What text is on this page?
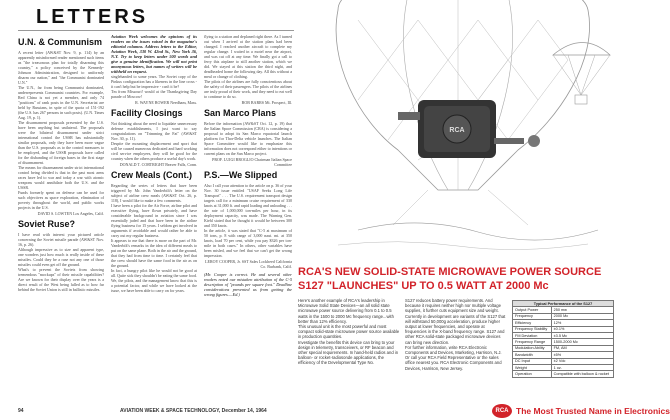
LETTERS
U.N. & Communism
A recent letter (AW&ST Nov. 9, p. 114) by an apparently misinformed reader mentioned such items as "the treasonous plan for totally disarming this country," a policy conceived by the Kennedy-Johnson Administration, designed to uniformly disarm our nation," and "the Communist dominated U.N."
The U.N., far from being Communist dominated, underrepresents Communist countries. For example, Red China is not yet a member, and only 74 "positions" of rank posts in the U.N. Secretariat are held by Russians, in spite of the quota of 151-192 (the U.S. has 267 persons in such posts). (U.N. Times Aug. 19, p. 1).
The disarmament proposals presented by the U.S. have been anything but unilateral. The proposals were the bilateral disarmament under strict international control the USSR has substantially similar proposals, only they have been more vague than the U.S. proposals as to the control measures to be employed, and the USSR proposals have called for the disbanding of foreign bases in the first stage of disarmament.
The means for disarmament under strict international control being divided is that in the past most arms races have led to war and today a war with atomic weapons would annihilate both the U.S. and the USSR.
Funds formerly spent on defense can be used for such objectives as space exploration, elimination of poverty throughout the world, and public works projects in the U.S.
DAVID S. LOWTEN Los Angeles, Calif.
Soviet Ruse?
I have read with interest your pictured article concerning the Soviet missile parade (AW&ST Nov. 16, p. 26).
Although impressive as to size and apparent type, one wonders just how much is really inside of these missiles. Could they be a ruse not any one of those missiles could even get off the ground.
What's to prevent the Soviets from showing tremendous "mockups" of their missile capabilities? Are we known for their display over the years is a direct result of the West being lulled as to how far behind the Soviet Union is still in ballistic missiles.
Aviation Week welcomes the opinions of its readers on the issues raised in the magazine's editorial columns. Address letters to the Editor, Aviation Week, 330 W. 42nd St., New York 36, N.Y. Try to keep letters under 500 words and give a genuine identification. We will not print anonymous letters, but names of writers will be withheld on request.
singlehanded to some years. The Soviet copy of the Pinkus configuration has a likeness in the line cross - it can't help but be impressive - can't it be?
Tm from Missouri! would at the Thanksgiving Day parade of Moscow!
R. WAYNE BOWER Needham, Mass.
Facility Closings
Not thinking about the need to liquidate unnecessary defense establishments, I just want to say congratulations on "Trimming the Fat" (AW&ST Nov. 30, p. 11).
Despite the mounting displacement and sport that will be caused numerous dedicated and hard working civil service employees, they will be good for the country when the others produce a useful day's work.
DONALD T. CORTRIGHT Beaver Falls, Conn.
Crew Meals (Cont.)
Regarding the series of letters that have been triggered by Mr. John Vanderbilt's letter on the subject of airline crew meals (AW&ST Oct. 26, p. 118), I would like to make a few comments.
I have been a pilot for the Air Force, airline pilot and executive flying, have flown privately, and have considerable background in aviation since I was essentially jaded and that have been in the airline flying business for 15 years. I seldom get involved in arguments if avoidable and would rather be able to carry out my regular business.
It appears to me that there is more on the part of Mr. Vanderbilt's remarks in the idea of different meals to put on the same plane. Both in the air and the ground, that they had from time to time. I certainly feel that the crew should have the same food in the air as on the ground.
In fact, a hungry pilot like he would not be good at all. Quite sick they shouldn't be eating the same food. We, the pilots, and the management know that this is a potential factor, and while we have looked at the issue, we have been able to carry on for years.
flying to a station and deplaned right there. As I turned out when I arrived at the station plans had been changed. I reached another aircraft to complete my regular change. I waited in a motel near the airport, and was cut off at any time. We finally got a call to ferry this airplane to still another station, which we did. We stayed at this station the third night, and deadheaded home the following day. All this without a meal or change of clothing.
The pilots of the airlines are fully conscientious about the safety of their passengers. The pilots of the airlines are truly proud of their work, and they need to eat well to continue to do so.
BOB BARRS Mt. Prospect, Ill.
San Marco Plans
Before the information (AW&ST Oct. 12, p. 19) that the Italian Space Commission (CRA) is considering a proposal to adopt its San Marco equatorial launch platform for Thor-Delta vehicle launches. The Italian Space Committee would like to emphasize this information does not correspond either to intentions or current plans on the San Marco project.
PROF. LUIGI BROGLIO Chairman Italian Space Committee
P.S.—We Slipped
Also I call your attention to the article on p. 36 of your Nov. 30 issue entitled "USAF Seeks Long Life Transport" . . . The U.S. requirement transport design targets call for a minimum cruise requirement of 330 knots at 31,000 ft. and rapid loading and unloading . . . the rate of 1,000,000 ton-miles per hour, in its deployment capacity, was made. The Warning Gen. Kiehl stated that he thought it would be between 300 and 350 knots.
In the article, it was stated that "C-5 at maximum of 50 tons, p. 8 with range of 3,000 naut. mi. at 350 knots, load 70 per cent, while you pay $326 per ton-mile in both cases." In others, other variables have been misled, and we feel that we can't get the wrong impression.
LEROY COOPER, Jr. SST Sales Lockheed California Co. Burbank, Calif.
(Mr. Cooper is correct. He and several other readers noted our mistaken attribution of the C-5 description of "pounds per square foot." Deadline considerations prevented us from getting the wrong figures.—Ed.)
94	AVIATION WEEK & SPACE TECHNOLOGY, December 14, 1964
RCA
RCA'S NEW SOLID-STATE MICROWAVE POWER SOURCE
S127 "LAUNCHES" UP TO 0.5 WATT AT 2000 Mc
Here's another example of RCA's leadership in Microwave Solid State Devices—an all solid state microwave power source delivering from 0.1 to 0.5 watts in the 1500 to 2000 Mc frequency range...with better than 12% efficiency.
This unusual unit is the most powerful and most compact solid-state microwave power source available in production quantities.
Investigate the benefits this device can bring to your design in telemetry, transceivers, or RF beacon and other special requirements. In hand-held radios and in balloon- or rocket-radiosonde applications, the efficiency of the Developmental Type No.
S127 reduces battery power requirements. And because it requires neither high nor multiple voltage supplies, it further cuts equipment size and weight.
Currently in development are variants of the S127 that will withstand 50,000g acceleration, produce higher output at lower frequencies, and operate at frequencies in the X-band frequency range. S127 and other RCA solid-state packaged microwave devices can bring new direction.
For further information, write RCA Electronic Components and Devices, Marketing, Harrison, N.J. Or call your RCA Field Representative or the sales office nearest you. RCA Electronic Components and Devices, Harrison, New Jersey.
Typical Performance of the S127	
Output Power	250 mw
Frequency	2000 Mc
Efficiency	12%
Frequency Stability	±0.1%
FM Deviation	±3.5 Mc
Frequency Range	1500-2000 Mc
Modulation Ability	FM, AM
Bandwidth	±5%
DC Input	±2 Vdc
Weight	1 oz.
Operation	Compatible with balloon & rocket
RCA The Most Trusted Name in Electronics
